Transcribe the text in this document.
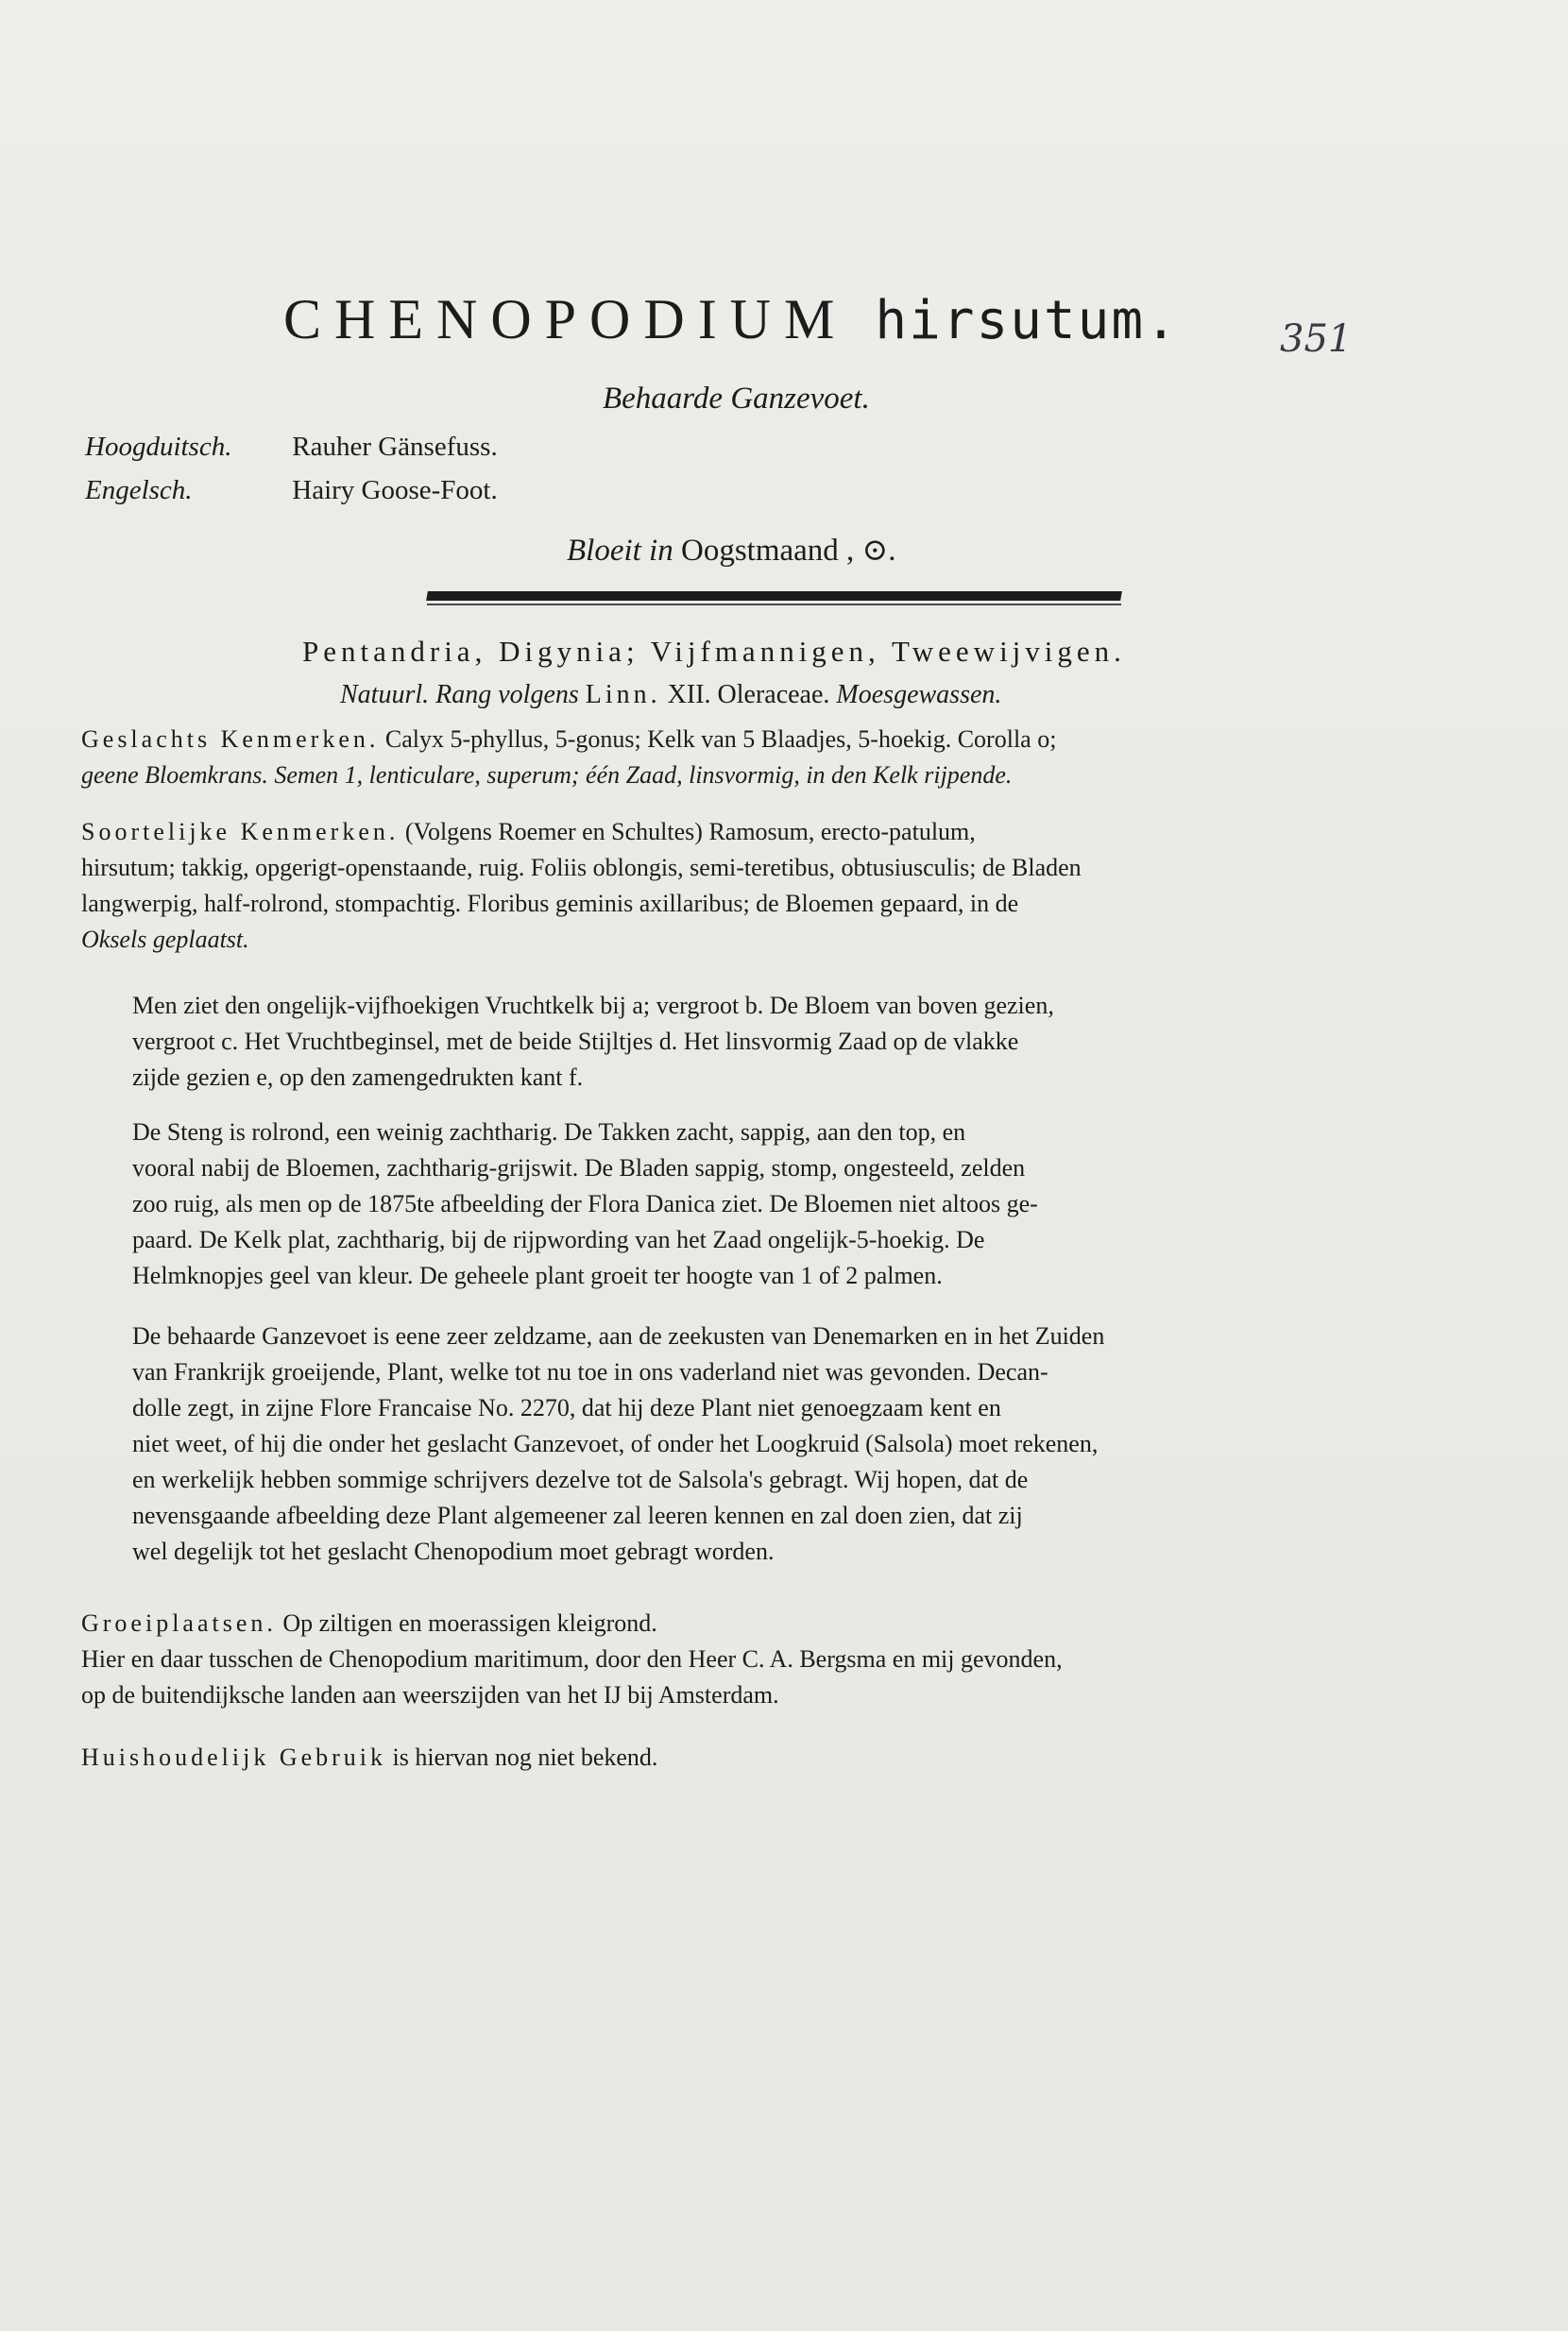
CHENOPODIUM hirsutum.	351
Behaarde Ganzevoet.
Hoogduitsch. Rauher Gänsefuss.
Engelsch.	Hairy Goose-Foot.
Bloeit in Oogstmaand , ⊙.
Pentandria, Digynia; Vijfmannigen, Tweewijvigen.
Natuurl. Rang volgens Linn. XII. Oleraceae. Moesgewassen.
Geslachts Kenmerken. Calyx 5-phyllus, 5-gonus; Kelk van 5 Blaadjes, 5-hoekig. Corolla o;
geene Bloemkrans. Semen 1, lenticulare, superum; één Zaad, linsvormig, in den Kelk rijpende.
Soortelijke Kenmerken. (Volgens Roemer en Schultes) Ramosum, erecto-patulum,
hirsutum; takkig, opgerigt-openstaande, ruig. Foliis oblongis, semi-teretibus, obtusiusculis; de Bladen
langwerpig, half-rolrond, stompachtig. Floribus geminis axillaribus; de Bloemen gepaard, in de
Oksels geplaatst.
Men ziet den ongelijk-vijfhoekigen Vruchtkelk bij a; vergroot b. De Bloem van boven gezien,
vergroot c. Het Vruchtbeginsel, met de beide Stijltjes d. Het linsvormig Zaad op de vlakke
zijde gezien e, op den zamengedrukten kant f.
De Steng is rolrond, een weinig zachtharig. De Takken zacht, sappig, aan den top, en
vooral nabij de Bloemen, zachtharig-grijswit. De Bladen sappig, stomp, ongesteeld, zelden
zoo ruig, als men op de 1875te afbeelding der Flora Danica ziet. De Bloemen niet altoos ge-
paard. De Kelk plat, zachtharig, bij de rijpwording van het Zaad ongelijk-5-hoekig. De
Helmknopjes geel van kleur. De geheele plant groeit ter hoogte van 1 of 2 palmen.
De behaarde Ganzevoet is eene zeer zeldzame, aan de zeekusten van Denemarken en in het Zuiden
van Frankrijk groeijende, Plant, welke tot nu toe in ons vaderland niet was gevonden. Decan-
dolle zegt, in zijne Flore Francaise No. 2270, dat hij deze Plant niet genoegzaam kent en
niet weet, of hij die onder het geslacht Ganzevoet, of onder het Loogkruid (Salsola) moet rekenen,
en werkelijk hebben sommige schrijvers dezelve tot de Salsola's gebragt. Wij hopen, dat de
nevensgaande afbeelding deze Plant algemeener zal leeren kennen en zal doen zien, dat zij
wel degelijk tot het geslacht Chenopodium moet gebragt worden.
Groeiplaatsen. Op ziltigen en moerassigen kleigrond.
Hier en daar tusschen de Chenopodium maritimum, door den Heer C. A. Bergsma en mij gevonden,
op de buitendijksche landen aan weerszijden van het IJ bij Amsterdam.
Huishoudelijk Gebruik is hiervan nog niet bekend.
